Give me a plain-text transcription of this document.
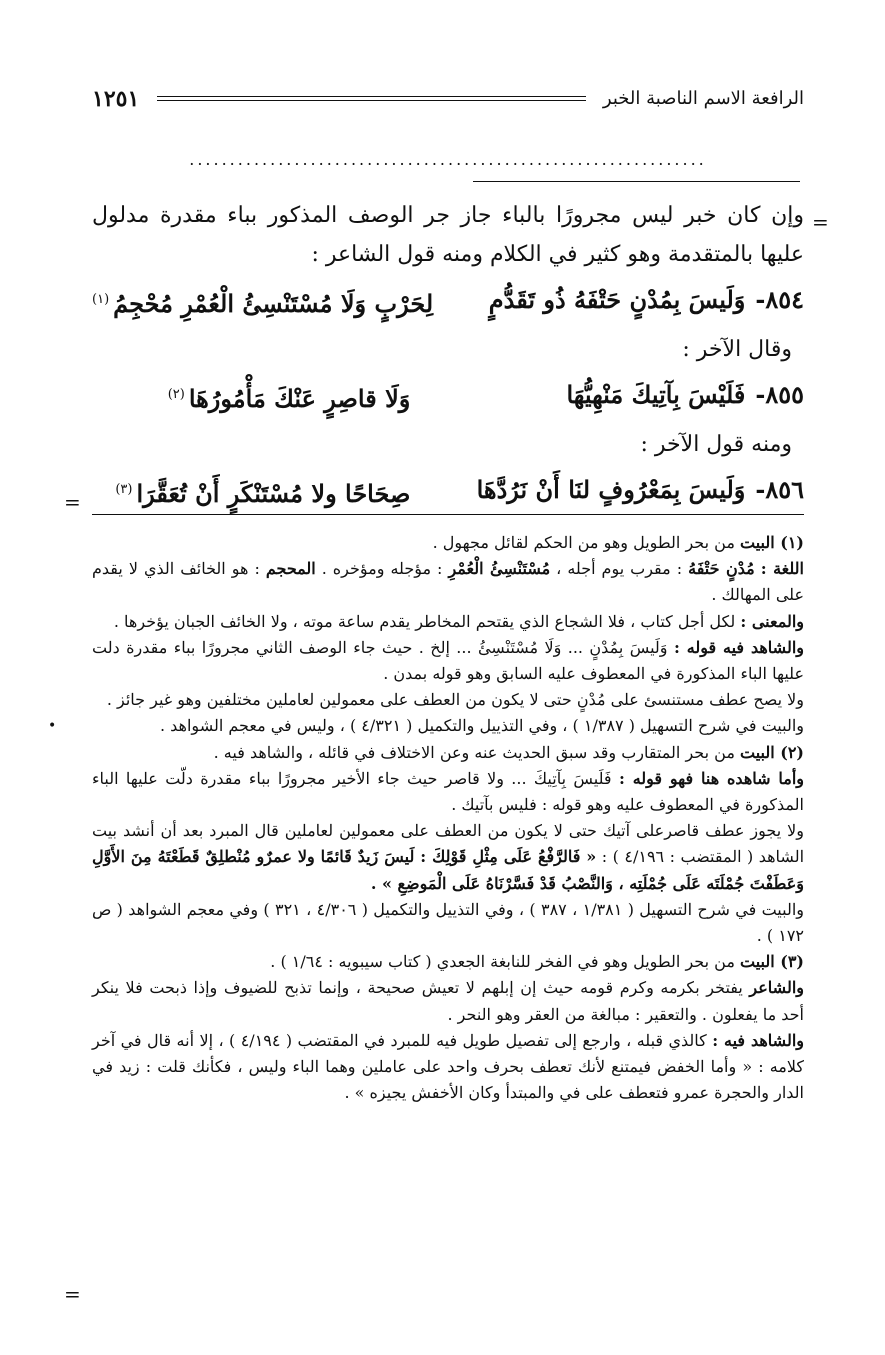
الرافعة الاسم الناصبة الخبر
١٢٥١
................................................................
=
=
=
•

وإن كان خبر ليس مجرورًا بالباء جاز جر الوصف المذكور بباء مقدرة مدلول عليها بالمتقدمة وهو كثير في الكلام ومنه قول الشاعر :

٨٥٤-
وَلَيسَ بِمُدْنٍ حَتْفَهُ ذُو تَقَدُّمٍ
لِحَرْبٍ وَلَا مُسْتَنْسِئُ الْعُمْرِ مُحْجِمُ$^{(١)}$

وقال الآخر :

٨٥٥-
فَلَيْسَ بِآتِيكَ مَنْهِيُّهَا
وَلَا قاصِرٍ عَنْكَ مَأْمُورُهَا$^{(٢)}$

ومنه قول الآخر :

٨٥٦-
وَلَيسَ بِمَعْرُوفٍ لنَا أَنْ نَرُدَّهَا
صِحَاحًا ولا مُسْتَنْكَرٍ أَنْ تُعَقَّرَا$^{(٣)}$

(١) البيت من بحر الطويل وهو من الحكم لقائل مجهول .

اللغة : مُدْنٍ حَتْفَهُ : مقرب يوم أجله ، مُسْتَنْسِئُ الْعُمْرِ : مؤجله ومؤخره . المحجم : هو الخائف الذي لا يقدم على المهالك .

والمعنى : لكل أجل كتاب ، فلا الشجاع الذي يقتحم المخاطر يقدم ساعة موته ، ولا الخائف الجبان يؤخرها .

والشاهد فيه قوله : وَلَيسَ بِمُدْنٍ ... وَلَا مُسْتَنْسِئُ ... إلخ . حيث جاء الوصف الثاني مجرورًا بباء مقدرة دلت عليها الباء المذكورة في المعطوف عليه السابق وهو قوله بمدن .

ولا يصح عطف مستنسئ على مُدْنٍ حتى لا يكون من العطف على معمولين لعاملين مختلفين وهو غير جائز .

والبيت في شرح التسهيل ( ١/٣٨٧ ) ، وفي التذييل والتكميل ( ٤/٣٢١ ) ، وليس في معجم الشواهد .

(٢) البيت من بحر المتقارب وقد سبق الحديث عنه وعن الاختلاف في قائله ، والشاهد فيه .

وأما شاهده هنا فهو قوله : فَلَيسَ بِآتِيكَ ... ولا قاصر حيث جاء الأخير مجرورًا بباء مقدرة دلّت عليها الباء المذكورة في المعطوف عليه وهو قوله : فليس بآتيك .

ولا يجوز عطف قاصرعلى آتيك حتى لا يكون من العطف على معمولين لعاملين قال المبرد بعد أن أنشد بيت الشاهد ( المقتضب : ٤/١٩٦ ) : « فَالرَّفْعُ عَلَى مِثْلِ قَوْلِكَ : لَيسَ زَيدٌ قَائمًا ولا عمرٌو مُنْطلِقٌ قَطَعْتَهُ مِنَ الأَوَّلِ وَعَطَفْتَ جُمْلَتَه عَلَى جُمْلَتِه ، وَالنَّصْبُ قَدْ فَسَّرْنَاهُ عَلَى الْمَوضِعِ » .

والبيت في شرح التسهيل ( ١/٣٨١ ، ٣٨٧ ) ، وفي التذييل والتكميل ( ٤/٣٠٦ ، ٣٢١ ) وفي معجم الشواهد ( ص ١٧٢ ) .

(٣) البيت من بحر الطويل وهو في الفخر للنابغة الجعدي ( كتاب سيبويه : ١/٦٤ ) .

والشاعر يفتخر بكرمه وكرم قومه حيث إن إبلهم لا تعيش صحيحة ، وإنما تذبح للضيوف وإذا ذبحت فلا ينكر أحد ما يفعلون . والتعقير : مبالغة من العقر وهو النحر .

والشاهد فيه : كالذي قبله ، وارجع إلى تفصيل طويل فيه للمبرد في المقتضب ( ٤/١٩٤ ) ، إلا أنه قال في آخر كلامه : « وأما الخفض فيمتنع لأنك تعطف بحرف واحد على عاملين وهما الباء وليس ، فكأنك قلت : زيد في الدار والحجرة عمرو فتعطف على في والمبتدأ وكان الأخفش يجيزه » .
